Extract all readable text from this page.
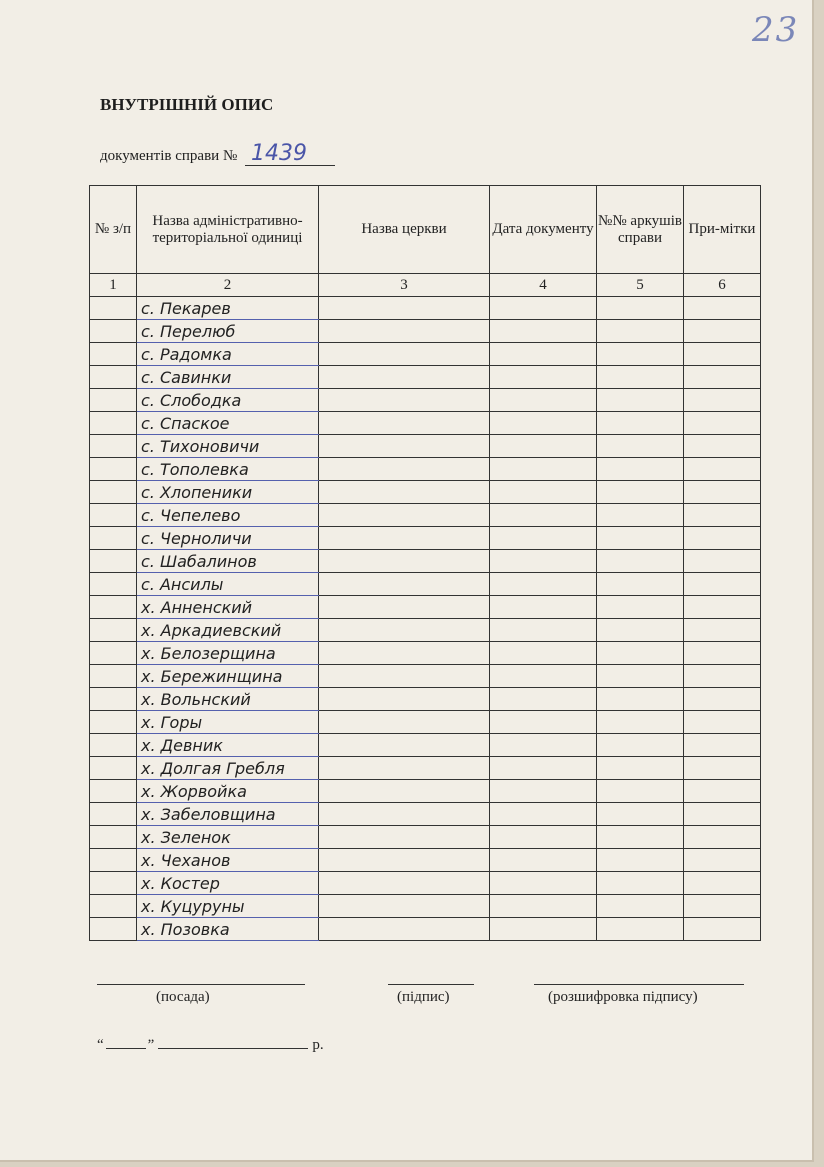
23
ВНУТРІШНІЙ ОПИС
документів справи № 1439
№ з/п	Назва адміністративно-територіальної одиниці	Назва церкви	Дата документу	№№ аркушів справи	При-мітки
1	2	3	4	5	6
	с. Пекарев				
	с. Перелюб				
	с. Радомка				
	с. Савинки				
	с. Слободка				
	с. Спаское				
	с. Тихоновичи				
	с. Тополевка				
	с. Хлопеники				
	с. Чепелево				
	с. Черноличи				
	с. Шабалинов				
	с. Ансилы				
	х. Анненский				
	х. Аркадиевский				
	х. Белозерщина				
	х. Бережинщина				
	х. Вольнский				
	х. Горы				
	х. Девник				
	х. Долгая Гребля				
	х. Жорвойка				
	х. Забеловщина				
	х. Зеленок				
	х. Чеханов				
	х. Костер				
	х. Куцуруны				
	х. Позовка				
(посада)	(підпис)	(розшифровка підпису)
“	”	р.
